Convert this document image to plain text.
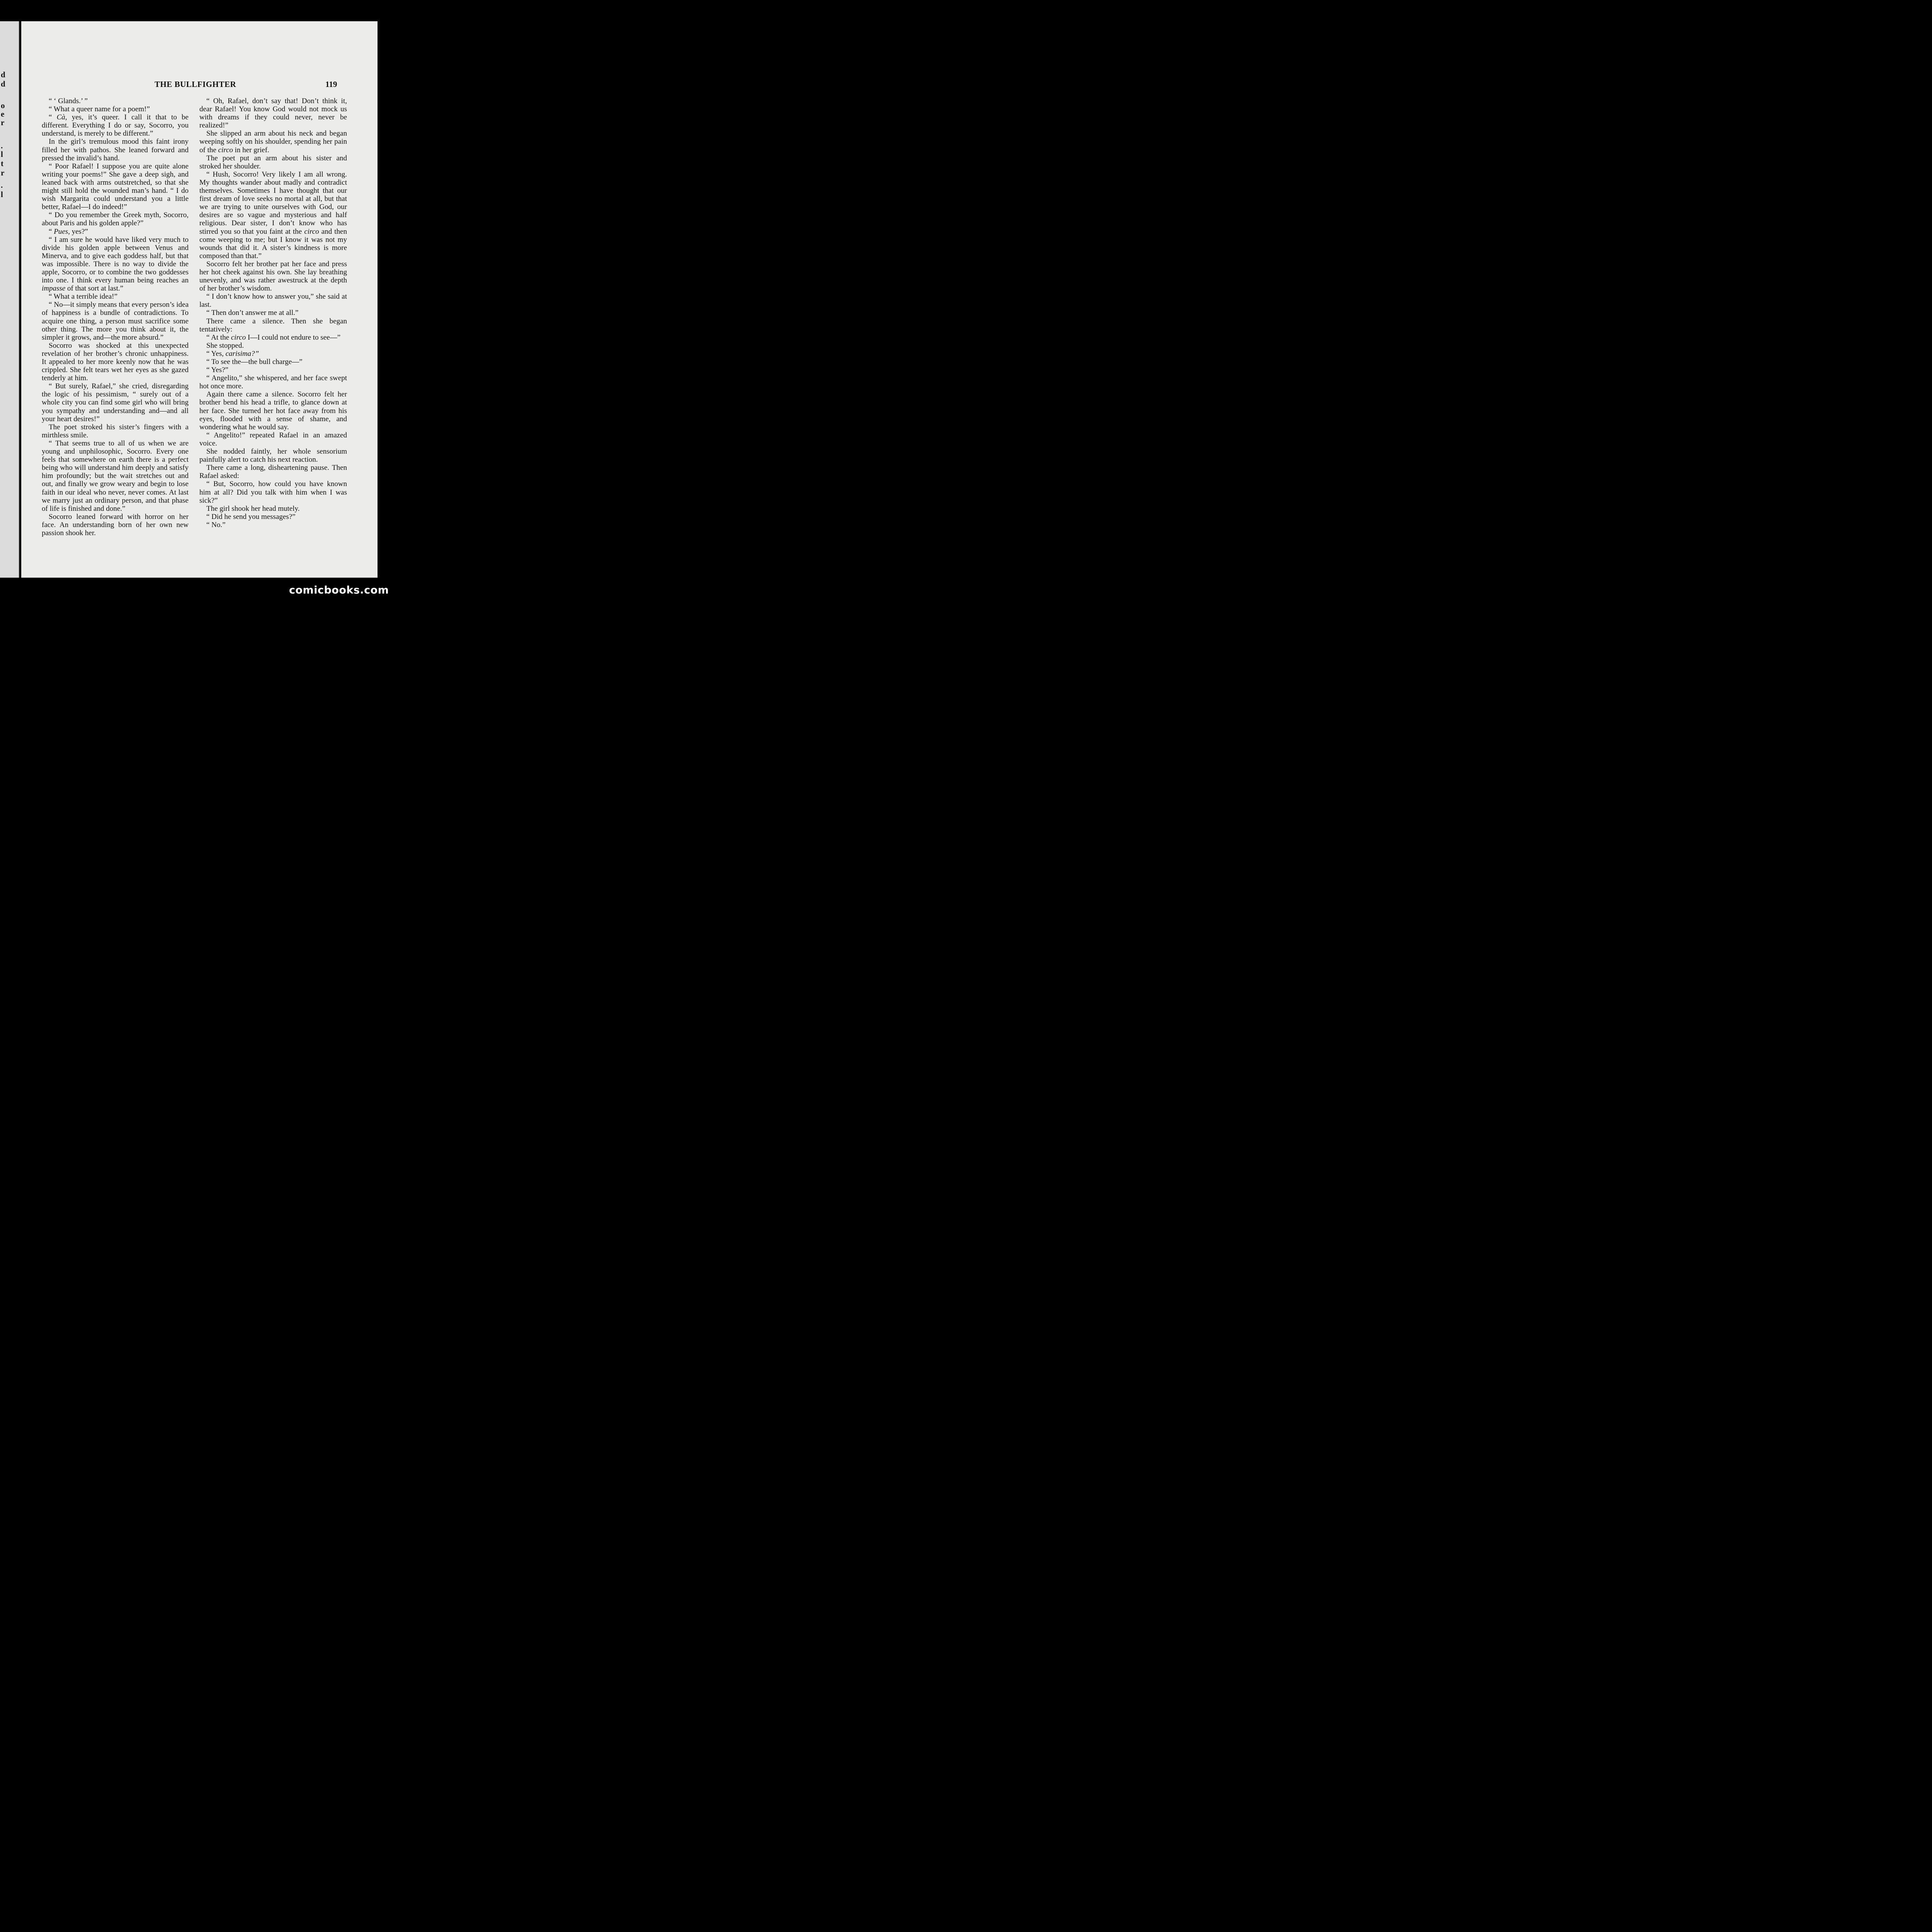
d
d
o
e
r
.
l
t
r
.
l
THE BULLFIGHTER	119

“ ‘ Glands.’ ”

“ What a queer name for a poem!”

“ Cà, yes, it’s queer. I call it that to be different. Everything I do or say, Socorro, you understand, is merely to be different.”

In the girl’s tremulous mood this faint irony filled her with pathos. She leaned forward and pressed the invalid’s hand.

“ Poor Rafael! I suppose you are quite alone writing your poems!” She gave a deep sigh, and leaned back with arms outstretched, so that she might still hold the wounded man’s hand. “ I do wish Margarita could understand you a little better, Rafael—I do indeed!”

“ Do you remember the Greek myth, Socorro, about Paris and his golden apple?”

“ Pues, yes?”

“ I am sure he would have liked very much to divide his golden apple between Venus and Minerva, and to give each goddess half, but that was impossible. There is no way to divide the apple, Socorro, or to combine the two goddesses into one. I think every human being reaches an impasse of that sort at last.”

“ What a terrible idea!”

“ No—it simply means that every person’s idea of happiness is a bundle of contradictions. To acquire one thing, a person must sacrifice some other thing. The more you think about it, the simpler it grows, and—the more absurd.”

Socorro was shocked at this unexpected revelation of her brother’s chronic unhappiness. It appealed to her more keenly now that he was crippled. She felt tears wet her eyes as she gazed tenderly at him.

“ But surely, Rafael,” she cried, disregarding the logic of his pessimism, “ surely out of a whole city you can find some girl who will bring you sympathy and understanding and—and all your heart desires!”

The poet stroked his sister’s fingers with a mirthless smile.

“ That seems true to all of us when we are young and unphilosophic, Socorro. Every one feels that somewhere on earth there is a perfect being who will understand him deeply and satisfy him profoundly; but the wait stretches out and out, and finally we grow weary and begin to lose faith in our ideal who never, never comes. At last we marry just an ordinary person, and that phase of life is finished and done.”

Socorro leaned forward with horror on her face. An understanding born of her own new passion shook her.

“ Oh, Rafael, don’t say that! Don’t think it, dear Rafael! You know God would not mock us with dreams if they could never, never be realized!”

She slipped an arm about his neck and began weeping softly on his shoulder, spending her pain of the circo in her grief.

The poet put an arm about his sister and stroked her shoulder.

“ Hush, Socorro! Very likely I am all wrong. My thoughts wander about madly and contradict themselves. Sometimes I have thought that our first dream of love seeks no mortal at all, but that we are trying to unite ourselves with God, our desires are so vague and mysterious and half religious. Dear sister, I don’t know who has stirred you so that you faint at the circo and then come weeping to me; but I know it was not my wounds that did it. A sister’s kindness is more composed than that.”

Socorro felt her brother pat her face and press her hot cheek against his own. She lay breathing unevenly, and was rather awestruck at the depth of her brother’s wisdom.

“ I don’t know how to answer you,” she said at last.

“ Then don’t answer me at all.”

There came a silence. Then she began tentatively:

“ At the circo I—I could not endure to see—”

She stopped.

“ Yes, carisima?”

“ To see the—the bull charge—”

“ Yes?”

“ Angelito,” she whispered, and her face swept hot once more.

Again there came a silence. Socorro felt her brother bend his head a trifle, to glance down at her face. She turned her hot face away from his eyes, flooded with a sense of shame, and wondering what he would say.

“ Angelito!” repeated Rafael in an amazed voice.

She nodded faintly, her whole sensorium painfully alert to catch his next reaction.

There came a long, disheartening pause. Then Rafael asked:

“ But, Socorro, how could you have known him at all? Did you talk with him when I was sick?”

The girl shook her head mutely.

“ Did he send you messages?”

“ No.”

comicbooks.com
